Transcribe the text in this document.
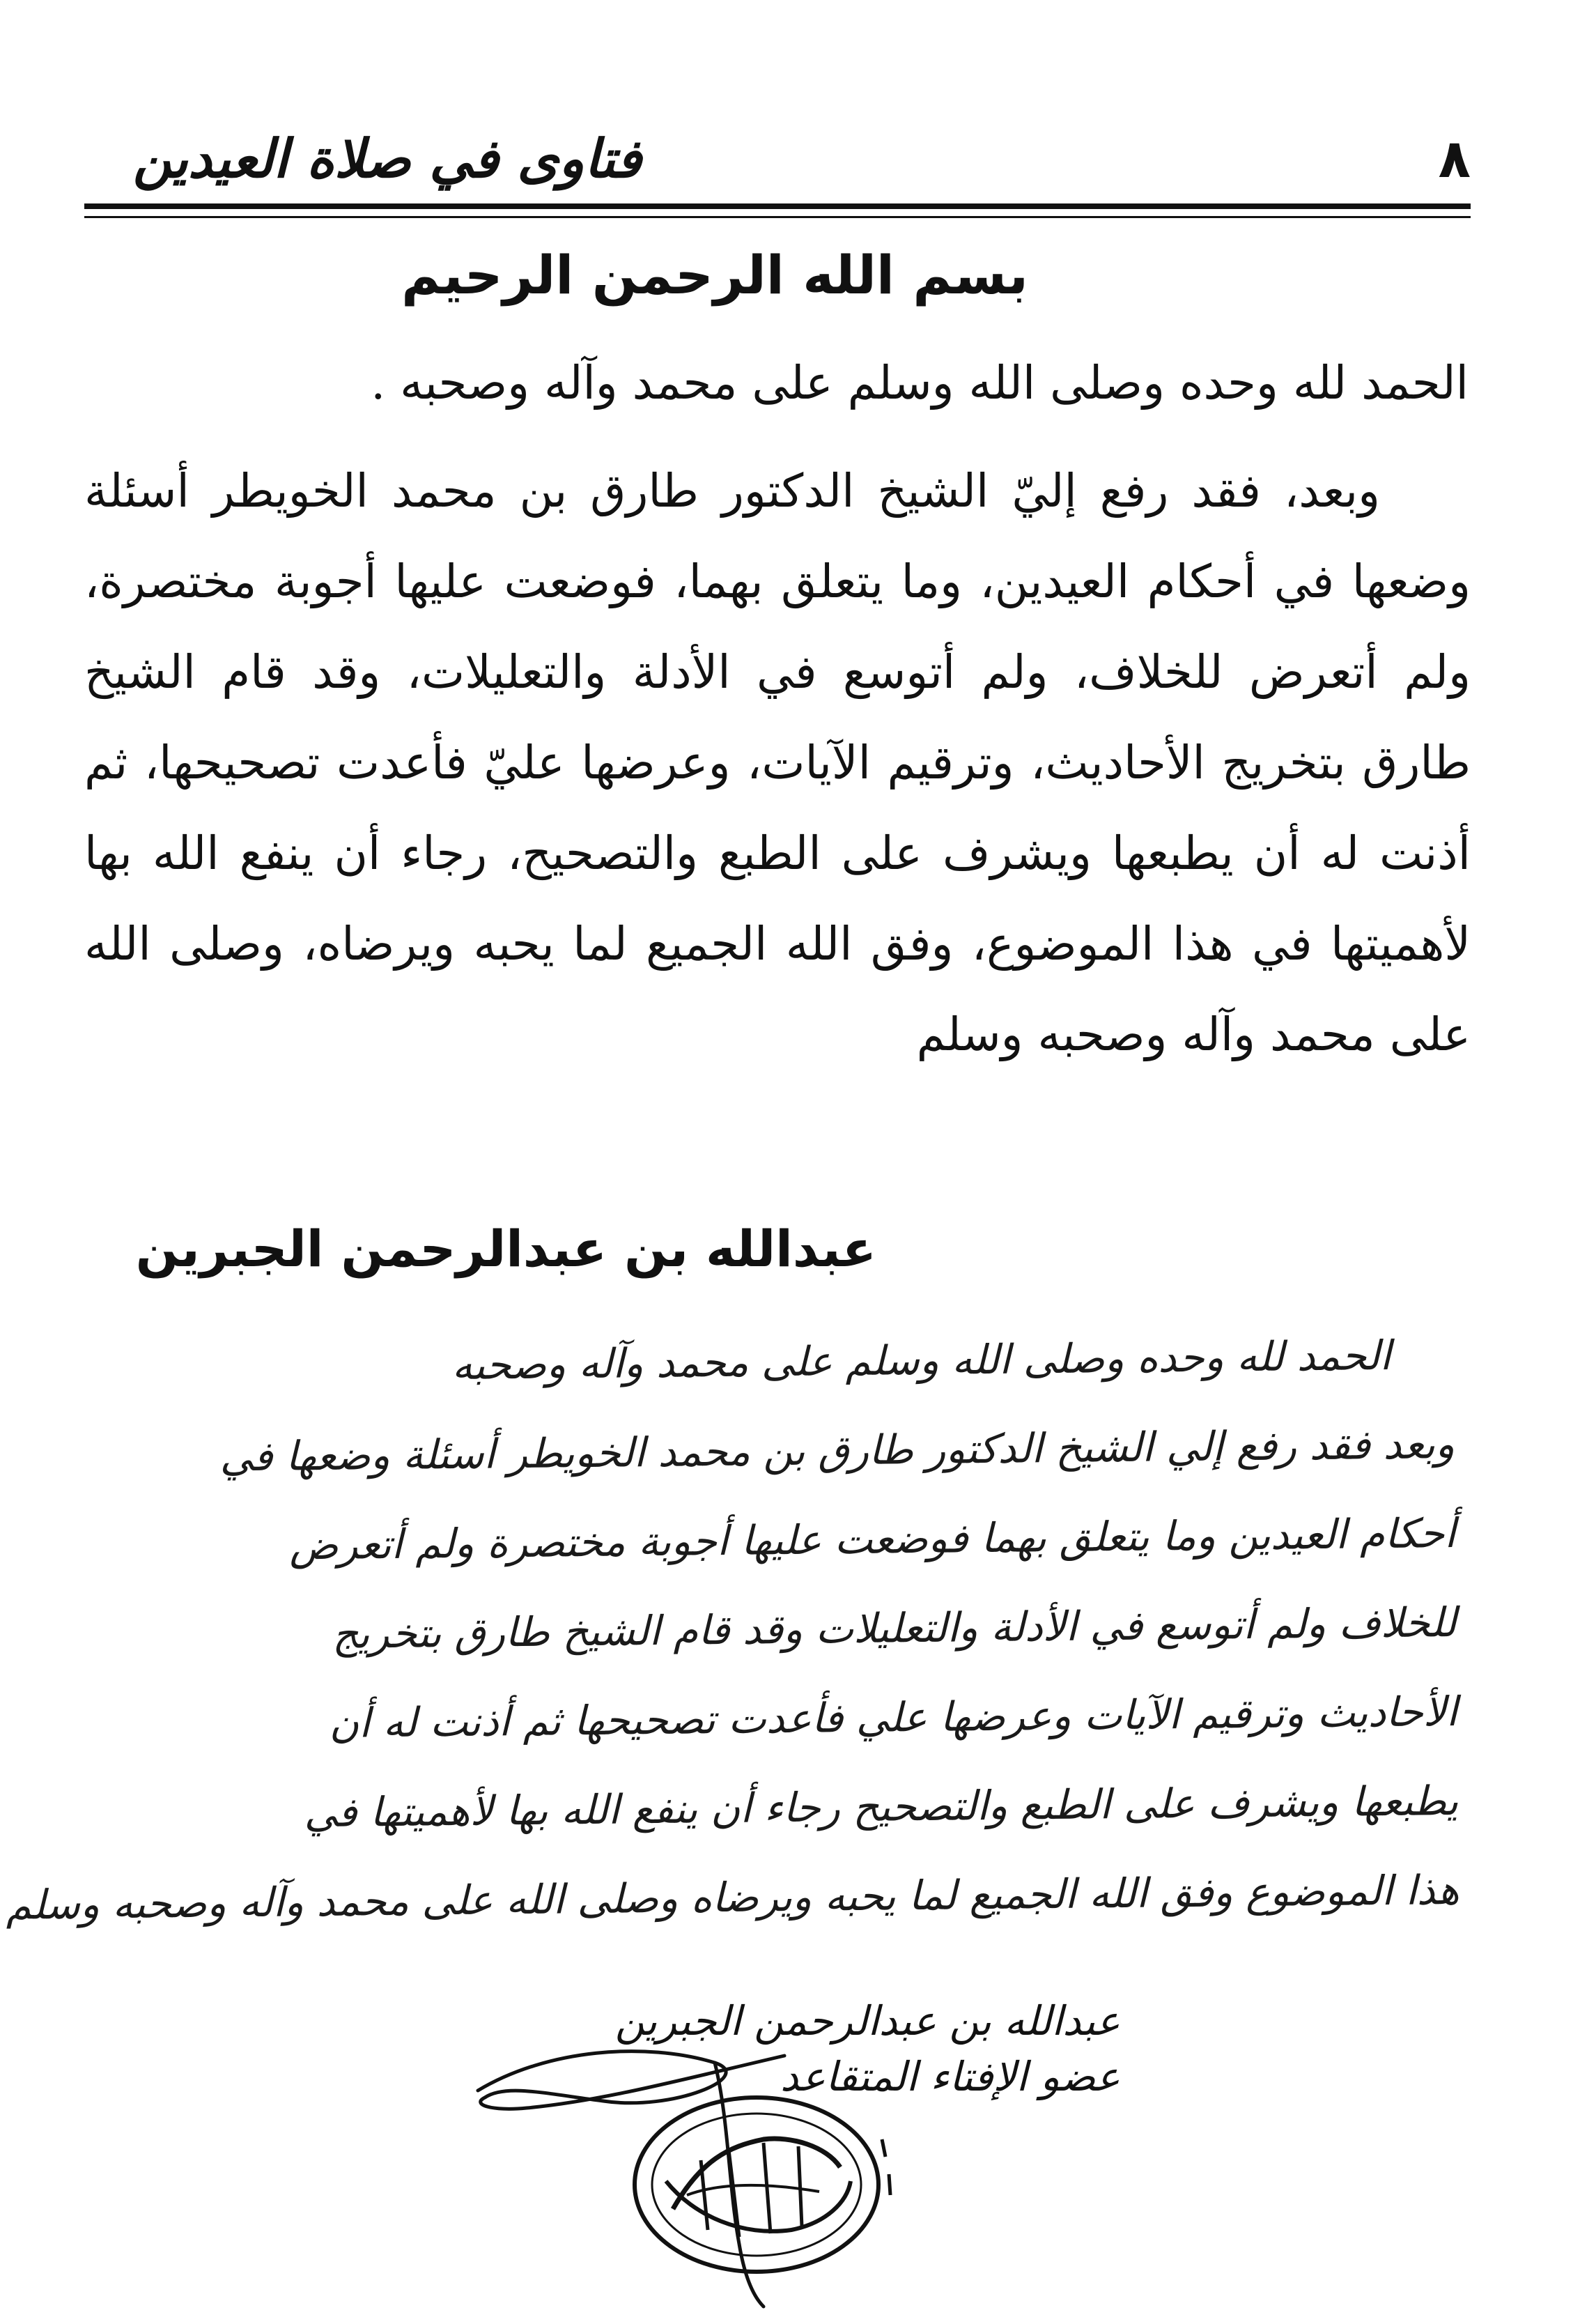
فتاوى في صلاة العيدين	٨
بسم الله الرحمن الرحيم
الحمد لله وحده وصلى الله وسلم على محمد وآله وصحبه .

وبعد، فقد رفع إليّ الشيخ الدكتور طارق بن محمد الخويطر أسئلة وضعها في أحكام العيدين، وما يتعلق بهما، فوضعت عليها أجوبة مختصرة، ولم أتعرض للخلاف، ولم أتوسع في الأدلة والتعليلات، وقد قام الشيخ طارق بتخريج الأحاديث، وترقيم الآيات، وعرضها عليّ فأعدت تصحيحها، ثم أذنت له أن يطبعها ويشرف على الطبع والتصحيح، رجاء أن ينفع الله بها لأهميتها في هذا الموضوع، وفق الله الجميع لما يحبه ويرضاه، وصلى الله على محمد وآله وصحبه وسلم

عبدالله بن عبدالرحمن الجبرين
الحمد لله وحده وصلى الله وسلم على محمد وآله وصحبه
وبعد فقد رفع إلي الشيخ الدكتور طارق بن محمد الخويطر أسئلة وضعها في
أحكام العيدين وما يتعلق بهما فوضعت عليها أجوبة مختصرة ولم أتعرض
للخلاف ولم أتوسع في الأدلة والتعليلات وقد قام الشيخ طارق بتخريج
الأحاديث وترقيم الآيات وعرضها علي فأعدت تصحيحها ثم أذنت له أن
يطبعها ويشرف على الطبع والتصحيح رجاء أن ينفع الله بها لأهميتها في
هذا الموضوع وفق الله الجميع لما يحبه ويرضاه وصلى الله على محمد وآله وصحبه وسلم
عبدالله بن عبدالرحمن الجبرين
عضو الإفتاء المتقاعد
